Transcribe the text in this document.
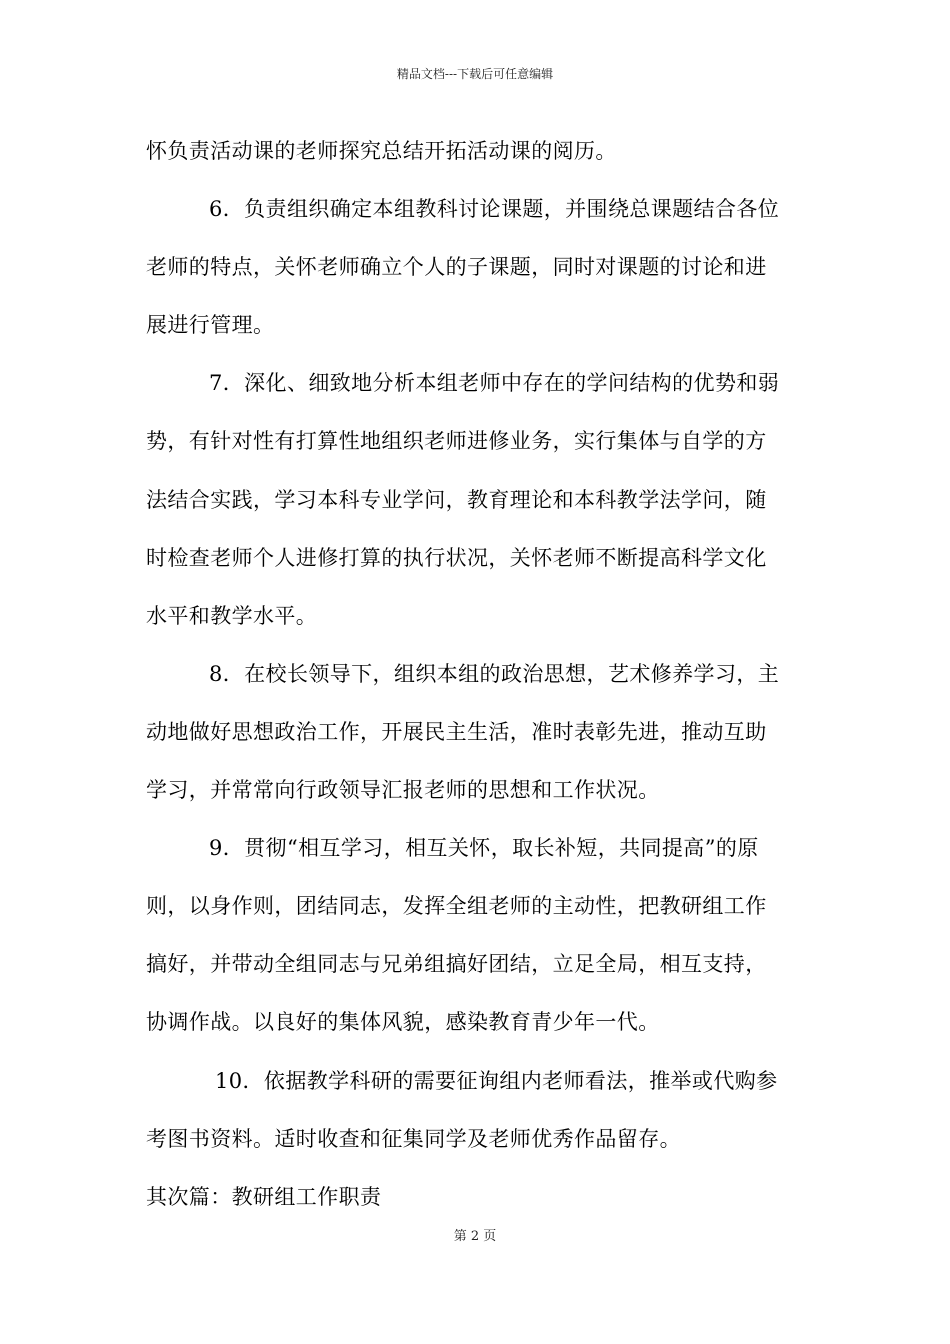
精品文档---下载后可任意编辑
怀负责活动课的老师探究总结开拓活动课的阅历。
6．负责组织确定本组教科讨论课题，并围绕总课题结合各位
老师的特点，关怀老师确立个人的子课题，同时对课题的讨论和进
展进行管理。
7．深化、细致地分析本组老师中存在的学问结构的优势和弱
势，有针对性有打算性地组织老师进修业务，实行集体与自学的方
法结合实践，学习本科专业学问，教育理论和本科教学法学问，随
时检查老师个人进修打算的执行状况，关怀老师不断提高科学文化
水平和教学水平。
8．在校长领导下，组织本组的政治思想，艺术修养学习，主
动地做好思想政治工作，开展民主生活，准时表彰先进，推动互助
学习，并常常向行政领导汇报老师的思想和工作状况。
9．贯彻“相互学习，相互关怀，取长补短，共同提高”的原
则，以身作则，团结同志，发挥全组老师的主动性，把教研组工作
搞好，并带动全组同志与兄弟组搞好团结，立足全局，相互支持，
协调作战。以良好的集体风貌，感染教育青少年一代。
10．依据教学科研的需要征询组内老师看法，推举或代购参
考图书资料。适时收查和征集同学及老师优秀作品留存。
其次篇：教研组工作职责
第 2 页
